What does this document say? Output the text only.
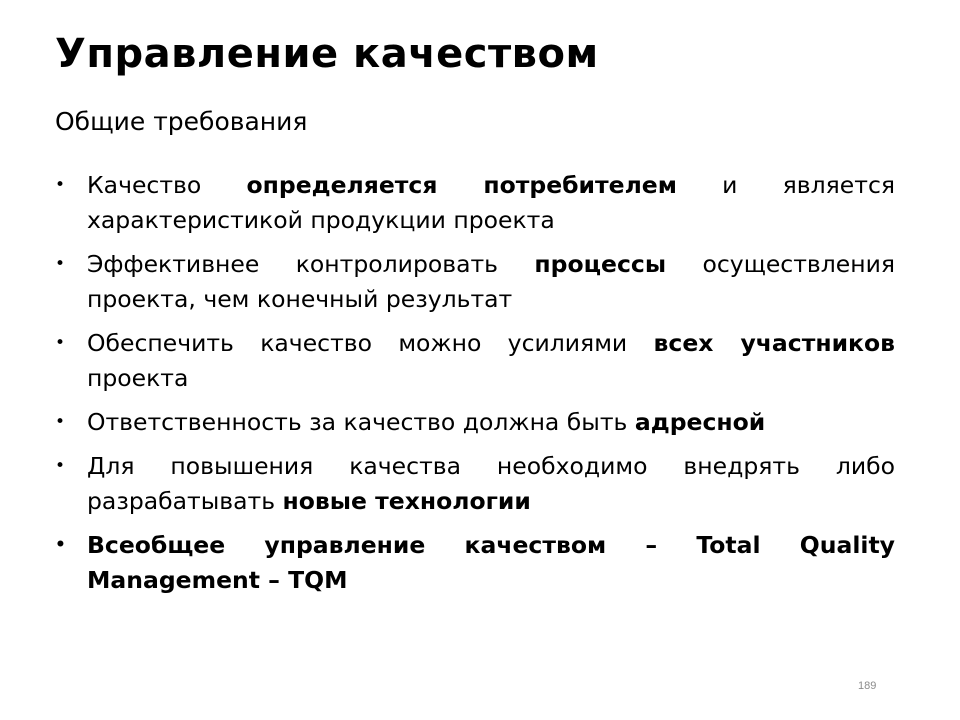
Управление качеством

Общие требования

• Качество определяется потребителем и является характеристикой продукции проекта
• Эффективнее контролировать процессы осуществления проекта, чем конечный результат
• Обеспечить качество можно усилиями всех участников проекта
• Ответственность за качество должна быть адресной
• Для повышения качества необходимо внедрять либо разрабатывать новые технологии
• Всеобщее управление качеством – Total Quality Management – TQM
189
